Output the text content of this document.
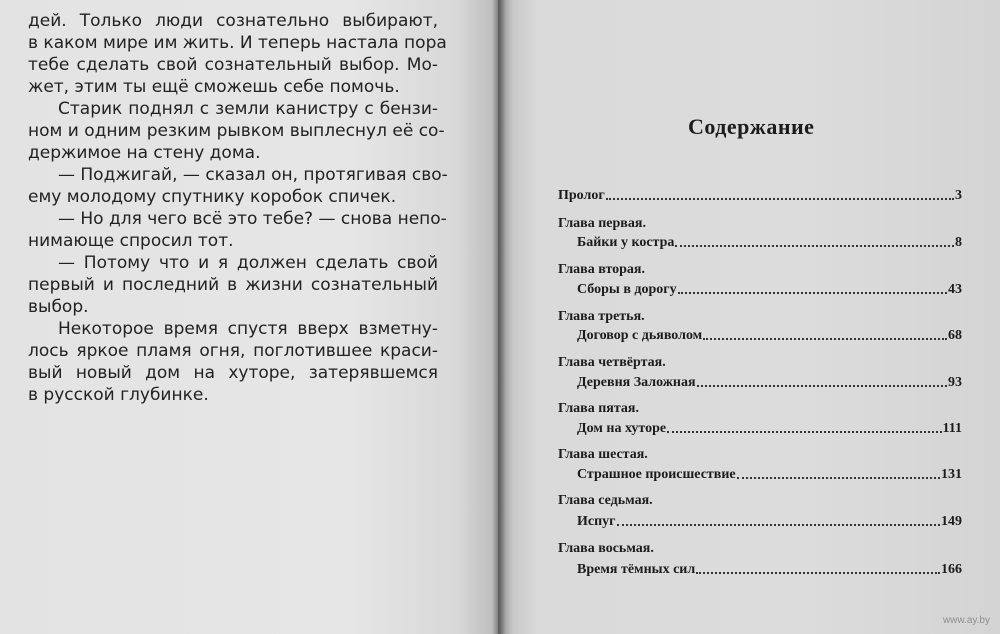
дей. Только люди сознательно выбирают,
в каком мире им жить. И теперь настала пора
тебе сделать свой сознательный выбор. Мо-
жет, этим ты ещё сможешь себе помочь.
Старик поднял с земли канистру с бензи-
ном и одним резким рывком выплеснул её со-
держимое на стену дома.
— Поджигай, — сказал он, протягивая сво-
ему молодому спутнику коробок спичек.
— Но для чего всё это тебе? — снова непо-
нимающе спросил тот.
— Потому что и я должен сделать свой
первый и последний в жизни сознательный
выбор.
Некоторое время спустя вверх взметну-
лось яркое пламя огня, поглотившее краси-
вый новый дом на хуторе, затерявшемся
в русской глубинке.
Содержание
Пролог	3
Глава первая.
Байки у костра	8
Глава вторая.
Сборы в дорогу	43
Глава третья.
Договор с дьяволом	68
Глава четвёртая.
Деревня Заложная	93
Глава пятая.
Дом на хуторе	111
Глава шестая.
Страшное происшествие	131
Глава седьмая.
Испуг	149
Глава восьмая.
Время тёмных сил	166
www.ay.by
